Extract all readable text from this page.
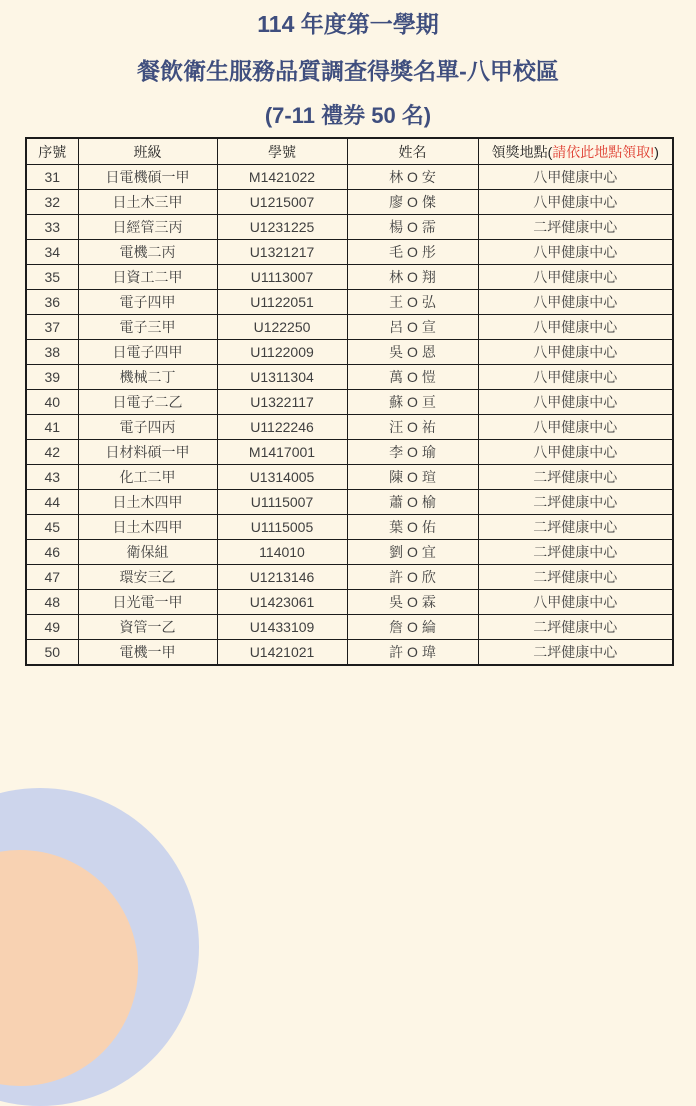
114 年度第一學期
餐飲衛生服務品質調查得獎名單-八甲校區
(7-11 禮券 50 名)
序號	班級	學號	姓名	領獎地點(請依此地點領取!)
31	日電機碩一甲	M1421022	林 O 安	八甲健康中心
32	日土木三甲	U1215007	廖 O 傑	八甲健康中心
33	日經管三丙	U1231225	楊 O 霈	二坪健康中心
34	電機二丙	U1321217	毛 O 彤	八甲健康中心
35	日資工二甲	U1113007	林 O 翔	八甲健康中心
36	電子四甲	U1122051	王 O 弘	八甲健康中心
37	電子三甲	U122250	呂 O 宣	八甲健康中心
38	日電子四甲	U1122009	吳 O 恩	八甲健康中心
39	機械二丁	U1311304	萬 O 愷	八甲健康中心
40	日電子二乙	U1322117	蘇 O 亘	八甲健康中心
41	電子四丙	U1122246	汪 O 祐	八甲健康中心
42	日材料碩一甲	M1417001	李 O 瑜	八甲健康中心
43	化工二甲	U1314005	陳 O 瑄	二坪健康中心
44	日土木四甲	U1115007	蕭 O 榆	二坪健康中心
45	日土木四甲	U1115005	葉 O 佑	二坪健康中心
46	衛保組	114010	劉 O 宜	二坪健康中心
47	環安三乙	U1213146	許 O 欣	二坪健康中心
48	日光電一甲	U1423061	吳 O 霖	八甲健康中心
49	資管一乙	U1433109	詹 O 綸	二坪健康中心
50	電機一甲	U1421021	許 O 瑋	二坪健康中心
